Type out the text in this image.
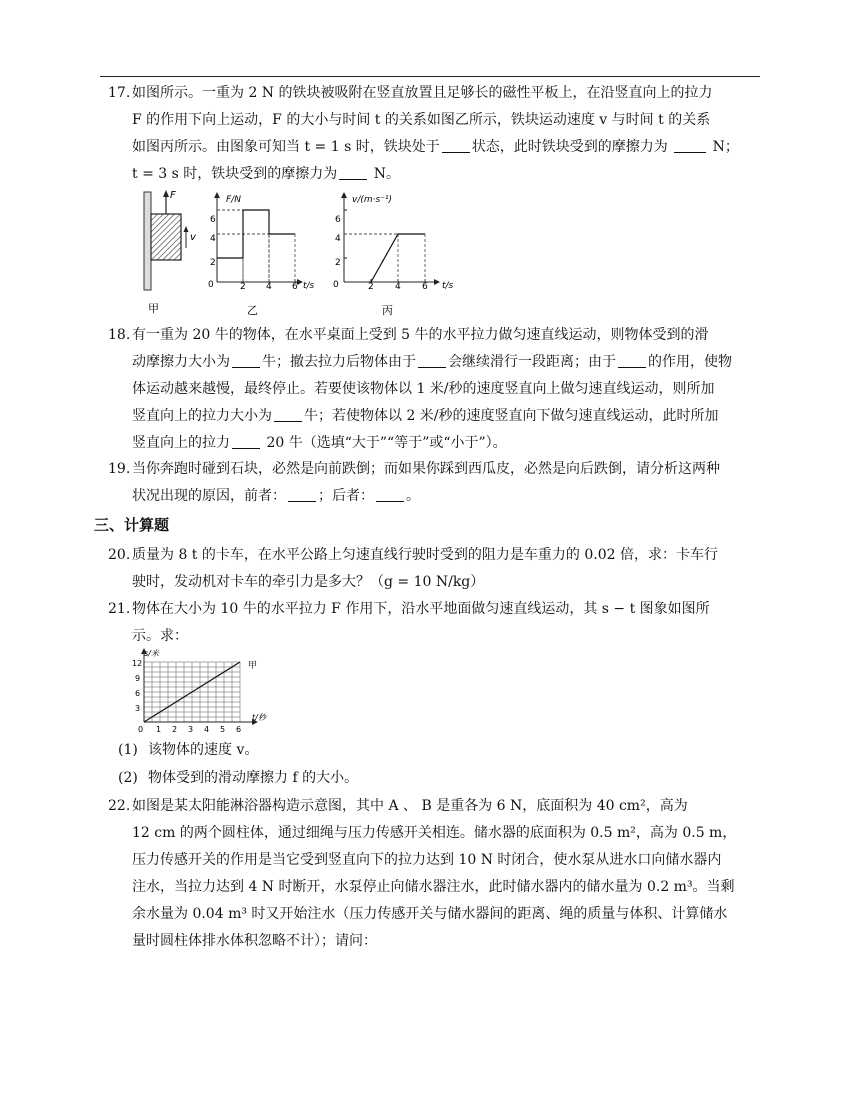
17. 如图所示。一重为 2 N 的铁块被吸附在竖直放置且足够长的磁性平板上，在沿竖直向上的拉力
F 的作用下向上运动，F 的大小与时间 t 的关系如图乙所示，铁块运动速度 v 与时间 t 的关系
如图丙所示。由图象可知当 t = 1 s 时，铁块处于 状态，此时铁块受到的摩擦力为	N；
t = 3 s 时，铁块受到的摩擦力为	N。
F
v
甲
F/N
t/s
0	2 4 6
2
4
6
乙
v/(m·s⁻¹)
t/s
0	2 4 6
2
4
6
丙
18. 有一重为 20 牛的物体，在水平桌面上受到 5 牛的水平拉力做匀速直线运动，则物体受到的滑
动摩擦力大小为 牛；撤去拉力后物体由于 会继续滑行一段距离；由于 的作用，使物
体运动越来越慢，最终停止。若要使该物体以 1 米/秒的速度竖直向上做匀速直线运动，则所加
竖直向上的拉力大小为 牛；若使物体以 2 米/秒的速度竖直向下做匀速直线运动，此时所加
竖直向上的拉力	20 牛（选填“大于”“等于”或“小于”）。
19. 当你奔跑时碰到石块，必然是向前跌倒；而如果你踩到西瓜皮，必然是向后跌倒，请分析这两种
状况出现的原因，前者： ；后者： 。
三、计算题
20. 质量为 8 t 的卡车，在水平公路上匀速直线行驶时受到的阻力是车重力的 0.02 倍，求：卡车行
驶时，发动机对卡车的牵引力是多大？（g = 10 N/kg）
21. 物体在大小为 10 牛的水平拉力 F 作用下，沿水平地面做匀速直线运动，其 s − t 图象如图所
示。求：
s/米
t/秒
甲
12
9
6
3
0 1 2 3 4 5 6
(1) 该物体的速度 v。
(2) 物体受到的滑动摩擦力 f 的大小。
22. 如图是某太阳能淋浴器构造示意图，其中 A 、 B 是重各为 6 N，底面积为 40 cm²，高为
12 cm 的两个圆柱体，通过细绳与压力传感开关相连。储水器的底面积为 0.5 m²，高为 0.5 m，
压力传感开关的作用是当它受到竖直向下的拉力达到 10 N 时闭合，使水泵从进水口向储水器内
注水，当拉力达到 4 N 时断开，水泵停止向储水器注水，此时储水器内的储水量为 0.2 m³。当剩
余水量为 0.04 m³ 时又开始注水（压力传感开关与储水器间的距离、绳的质量与体积、计算储水
量时圆柱体排水体积忽略不计）；请问：
